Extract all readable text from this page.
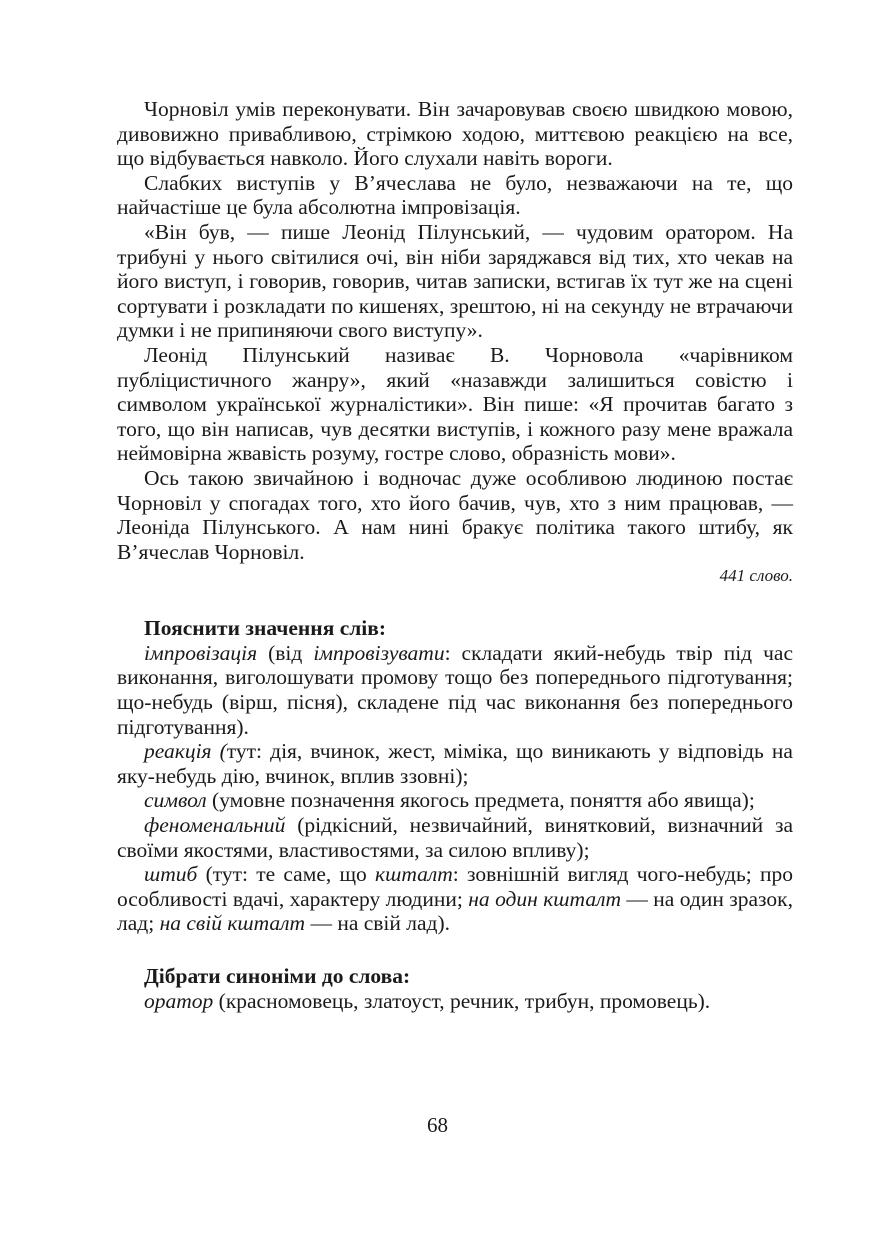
Чорновіл умів переконувати. Він зачаровував своєю швидкою мовою, дивовижно привабливою, стрімкою ходою, миттєвою реакцією на все, що відбувається навколо. Його слухали навіть вороги.

Слабких виступів у В’ячеслава не було, незважаючи на те, що найчастіше це була абсолютна імпровізація.

«Він був, — пише Леонід Пілунський, — чудовим оратором. На трибуні у нього світилися очі, він ніби заряджався від тих, хто чекав на його виступ, і говорив, говорив, читав записки, встигав їх тут же на сцені сортувати і розкладати по кишенях, зрештою, ні на секунду не втрачаючи думки і не припиняючи свого виступу».

Леонід Пілунський називає В. Чорновола «чарівником публіцистичного жанру», який «назавжди залишиться совістю і символом української журналістики». Він пише: «Я прочитав багато з того, що він написав, чув десятки виступів, і кожного разу мене вражала неймовірна жвавість розуму, гостре слово, образність мови».

Ось такою звичайною і водночас дуже особливою людиною постає Чорновіл у спогадах того, хто його бачив, чув, хто з ним працював, — Леоніда Пілунського. А нам нині бракує політика такого штибу, як В’ячеслав Чорновіл.

441 слово.

Пояснити значення слів:

імпровізація (від імпровізувати: складати який-небудь твір під час виконання, виголошувати промову тощо без попереднього підготування; що-небудь (вірш, пісня), складене під час виконання без попереднього підготування).

реакція (тут: дія, вчинок, жест, міміка, що виникають у відповідь на яку-небудь дію, вчинок, вплив ззовні);

символ (умовне позначення якогось предмета, поняття або явища);

феноменальний (рідкісний, незвичайний, винятковий, визначний за своїми якостями, властивостями, за силою впливу);

штиб (тут: те саме, що кшталт: зовнішній вигляд чого-небудь; про особливості вдачі, характеру людини; на один кшталт — на один зразок, лад; на свій кшталт — на свій лад).

Дібрати синоніми до слова:

оратор (красномовець, златоуст, речник, трибун, промовець).

68
